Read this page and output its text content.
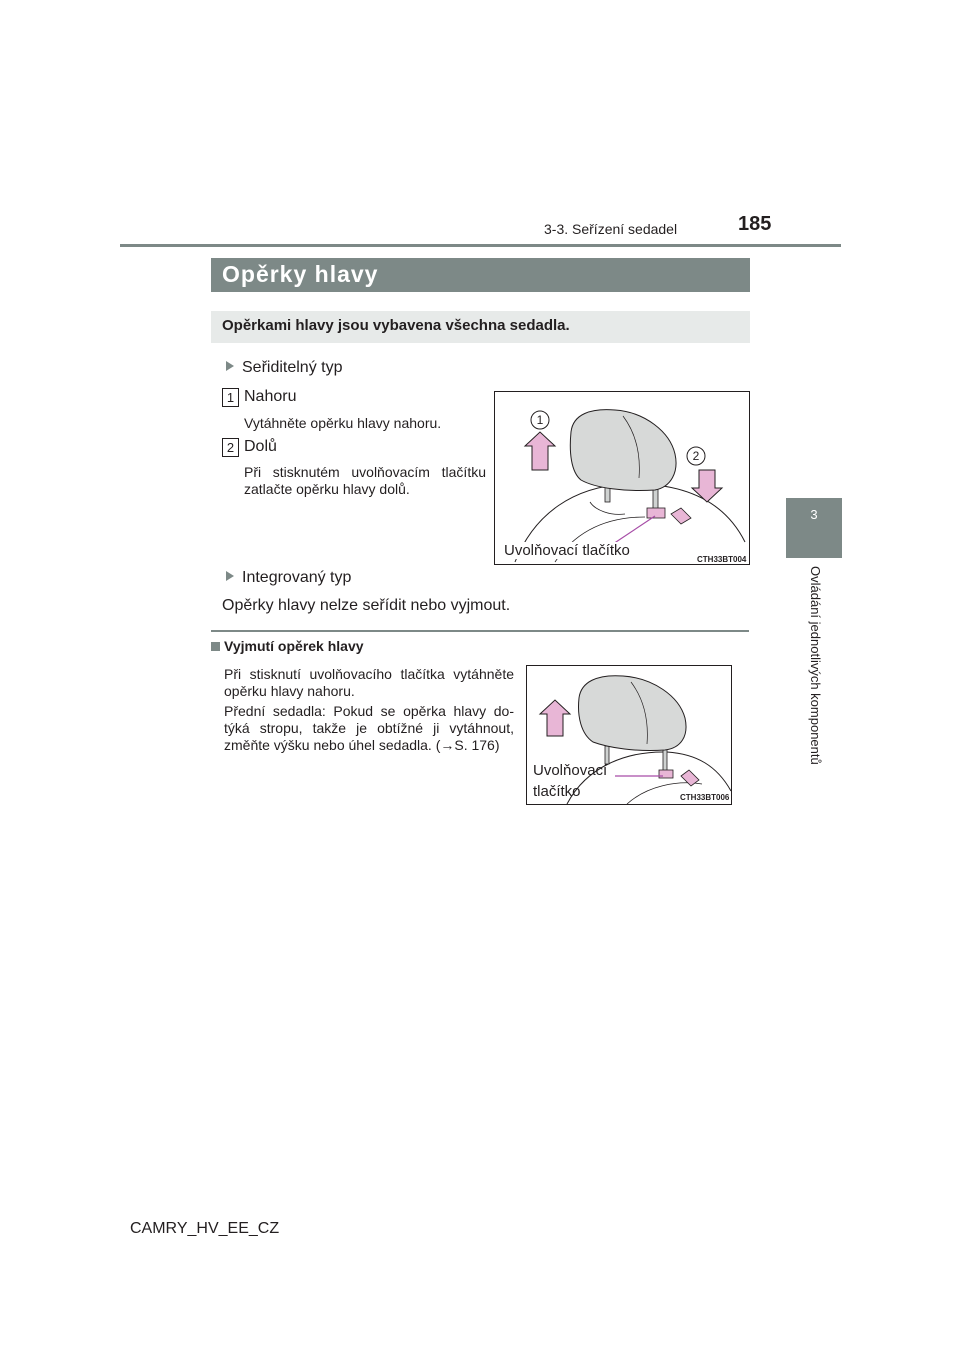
185
3-3. Seřízení sedadel
3
Ovládání jednotlivých komponentů
Opěrky hlavy
Opěrkami hlavy jsou vybavena všechna sedadla.
Seřiditelný typ
1 Nahoru
Vytáhněte opěrku hlavy nahoru.
2 Dolů
Při stisknutém uvolňovacím tlačítku zatlačte opěrku hlavy dolů.
1
2
Uvolňovací tlačítko
CTH33BT004
Integrovaný typ
Opěrky hlavy nelze seřídit nebo vyjmout.
Vyjmutí opěrek hlavy
Při stisknutí uvolňovacího tlačítka vytáhněte opěrku hlavy nahoru.
Přední sedadla: Pokud se opěrka hlavy do-týká stropu, takže je obtížné ji vytáhnout, změňte výšku nebo úhel sedadla. (→S. 176)
Uvolňovací
tlačítko	CTH33BT006
CAMRY_HV_EE_CZ
